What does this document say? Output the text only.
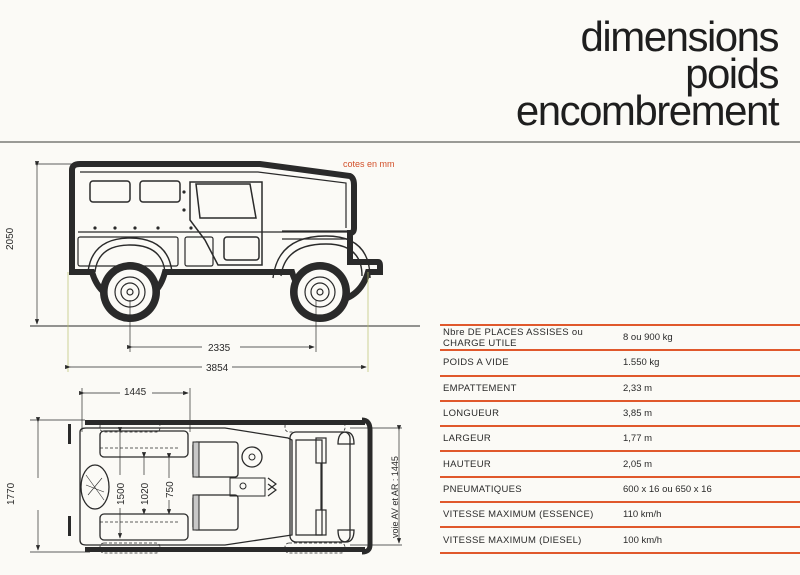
dimensions
poids
encombrement
cotes en mm
2050
2335
3854
1445
1770	1500 1020 750	voie AV et AR : 1445
Nbre DE PLACES ASSISES ou CHARGE UTILE	8 ou 900 kg
POIDS A VIDE	1.550 kg
EMPATTEMENT	2,33 m
LONGUEUR	3,85 m
LARGEUR	1,77 m
HAUTEUR	2,05 m
PNEUMATIQUES	600 x 16 ou 650 x 16
VITESSE MAXIMUM (ESSENCE)	110 km/h
VITESSE MAXIMUM (DIESEL)	100 km/h
